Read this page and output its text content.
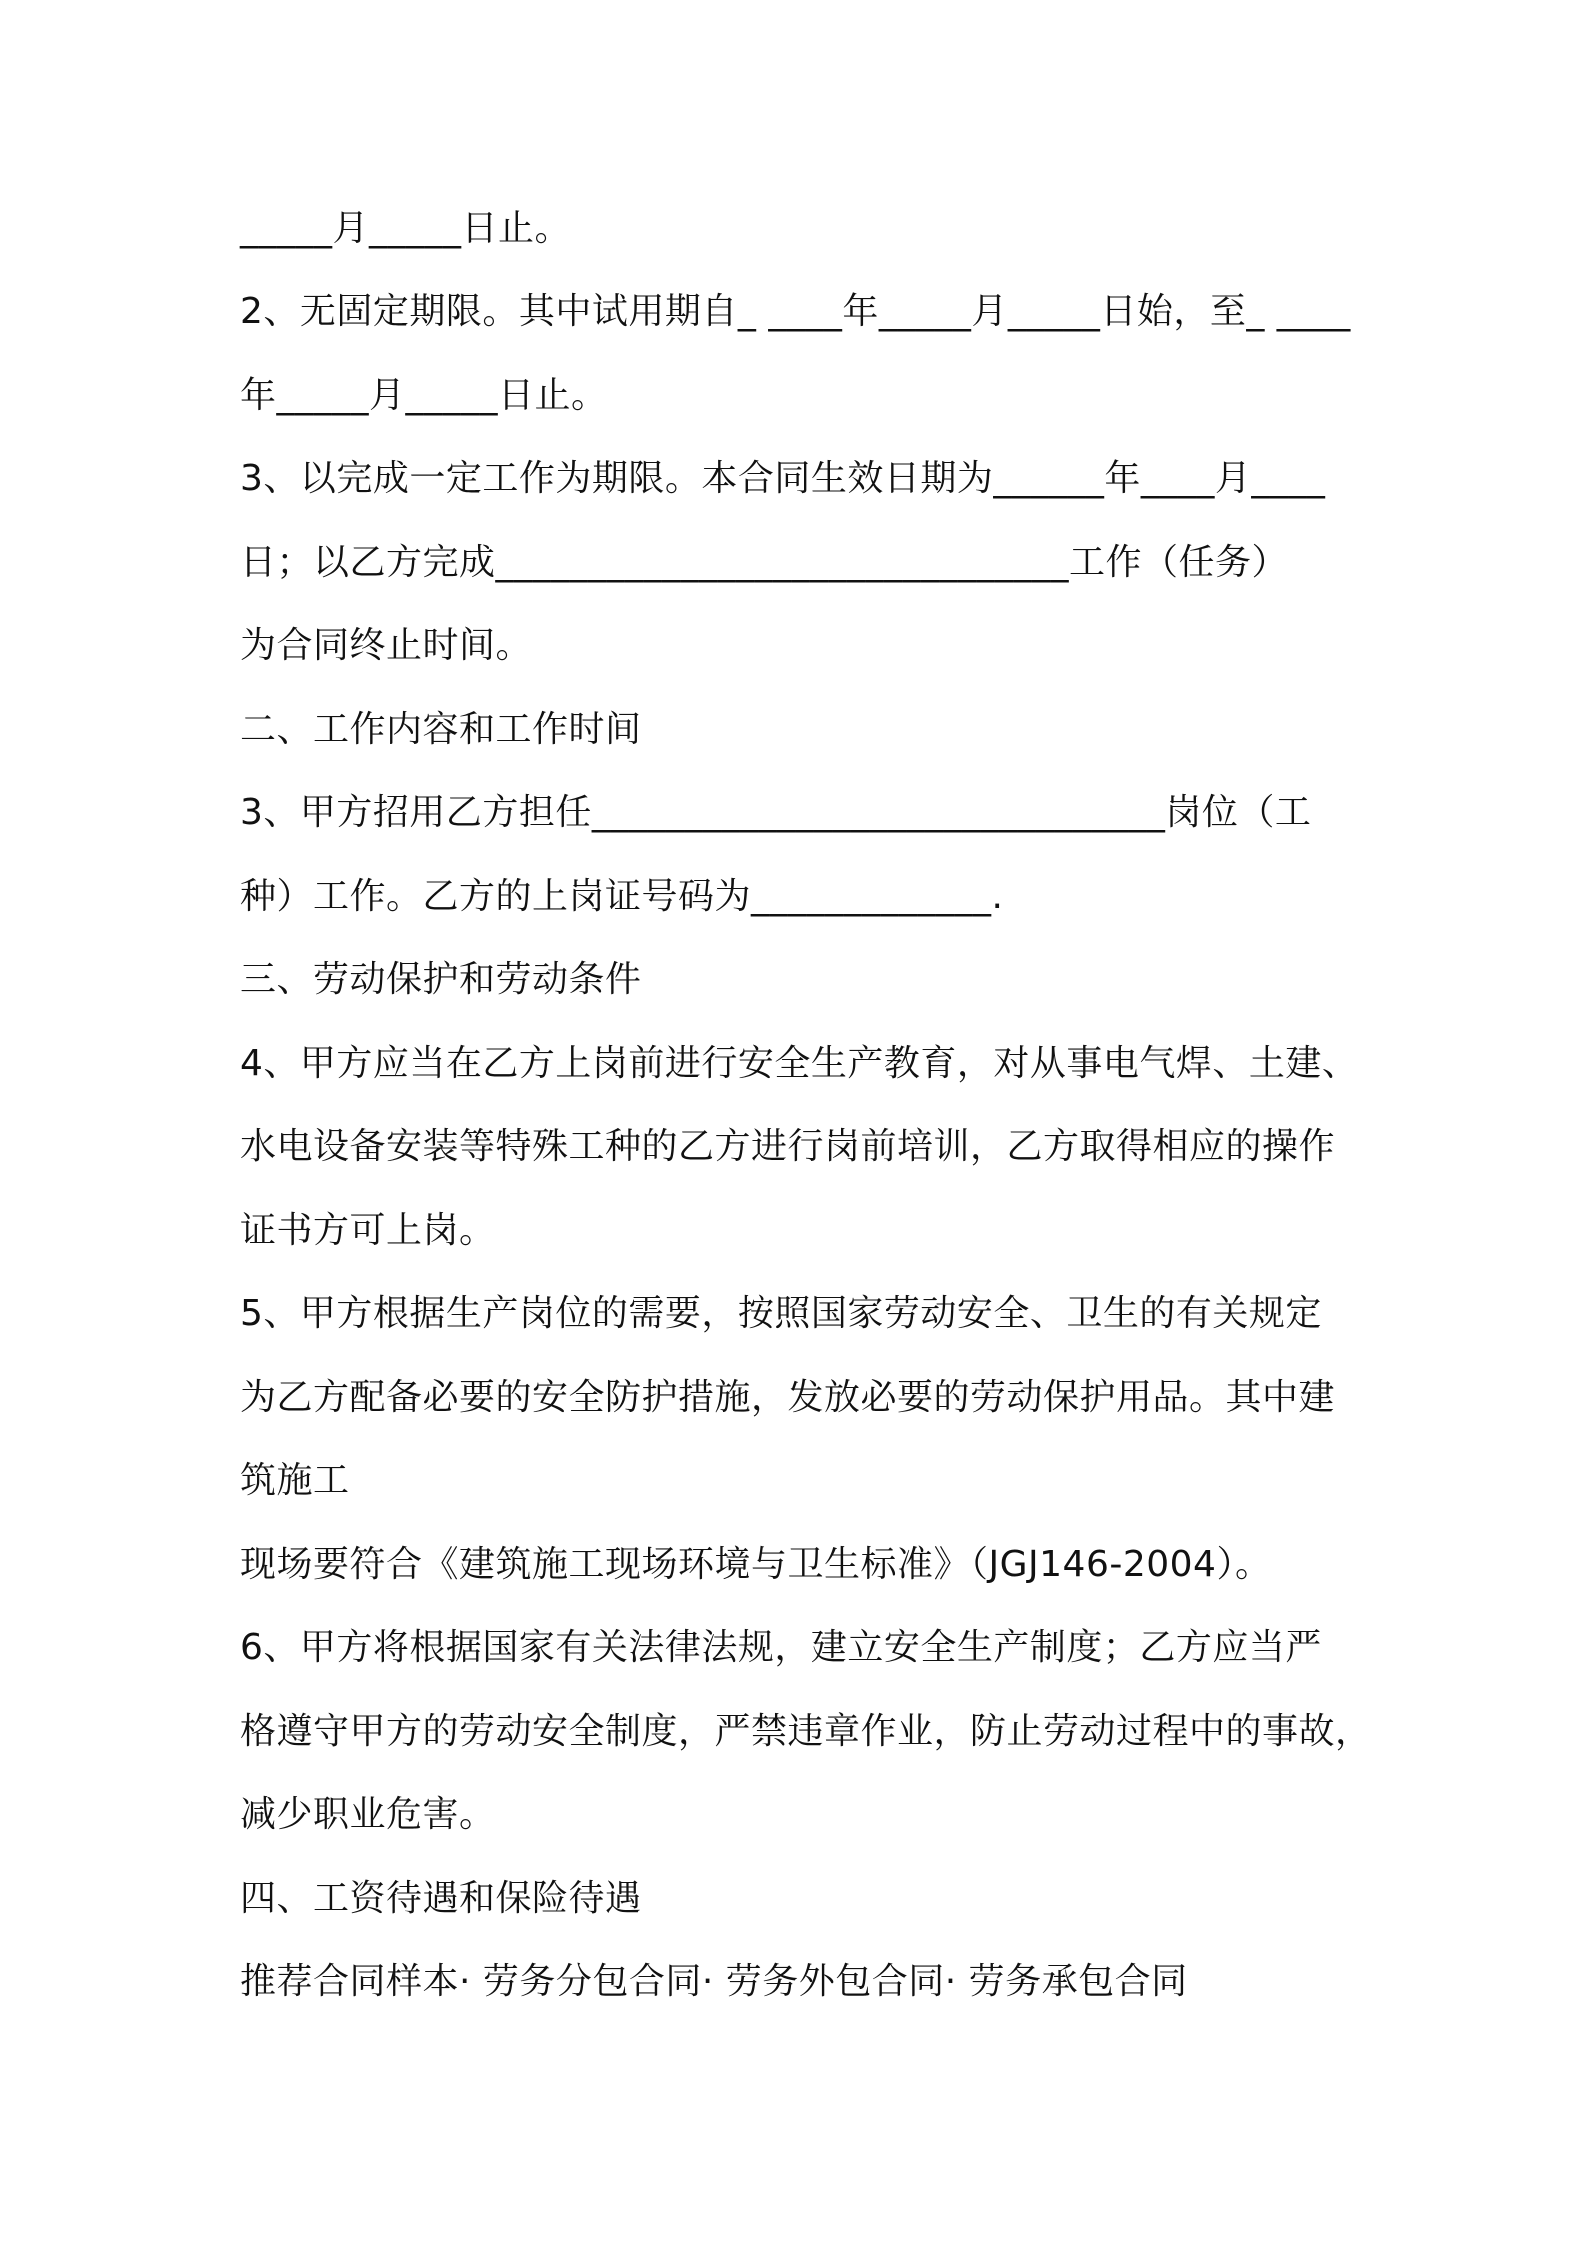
_____月_____日止。
2、无固定期限。其中试用期自_ ____年_____月_____日始，至_ ____
年_____月_____日止。
3、以完成一定工作为期限。本合同生效日期为______年____月____
日；以乙方完成_______________________________工作（任务）
为合同终止时间。
二、工作内容和工作时间
3、甲方招用乙方担任_______________________________岗位（工
种）工作。乙方的上岗证号码为_____________.
三、劳动保护和劳动条件
4、甲方应当在乙方上岗前进行安全生产教育，对从事电气焊、土建、
水电设备安装等特殊工种的乙方进行岗前培训，乙方取得相应的操作
证书方可上岗。
5、甲方根据生产岗位的需要，按照国家劳动安全、卫生的有关规定
为乙方配备必要的安全防护措施，发放必要的劳动保护用品。其中建
筑施工
现场要符合《建筑施工现场环境与卫生标准》（JGJ146-2004）。
6、甲方将根据国家有关法律法规，建立安全生产制度；乙方应当严
格遵守甲方的劳动安全制度，严禁违章作业，防止劳动过程中的事故，
减少职业危害。
四、工资待遇和保险待遇
推荐合同样本· 劳务分包合同· 劳务外包合同· 劳务承包合同
